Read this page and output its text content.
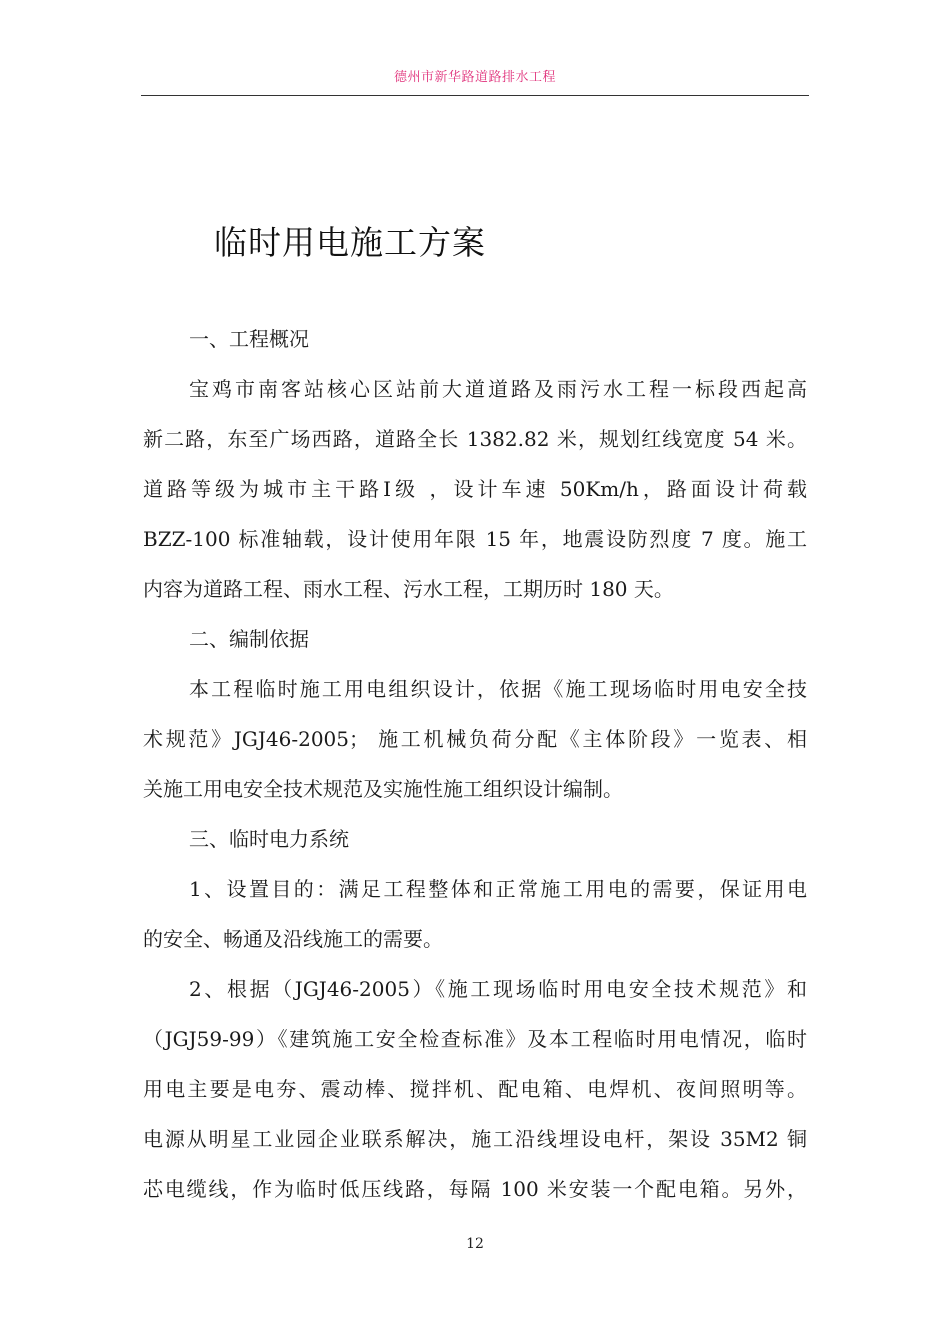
德州市新华路道路排水工程
临时用电施工方案
一、工程概况
宝鸡市南客站核心区站前大道道路及雨污水工程一标段西起高
新二路，东至广场西路，道路全长 1382.82 米，规划红线宽度 54 米。
道路等级为城市主干路Ⅰ级 ，设计车速 50Km/h，路面设计荷载
BZZ-100 标准轴载，设计使用年限 15 年，地震设防烈度 7 度。施工
内容为道路工程、雨水工程、污水工程，工期历时 180 天。
二、编制依据
本工程临时施工用电组织设计，依据《施工现场临时用电安全技
术规范》JGJ46-2005； 施工机械负荷分配《主体阶段》一览表、相
关施工用电安全技术规范及实施性施工组织设计编制。
三、临时电力系统
1、设置目的：满足工程整体和正常施工用电的需要，保证用电
的安全、畅通及沿线施工的需要。
2、根据（JGJ46-2005）《施工现场临时用电安全技术规范》和
（JGJ59-99）《建筑施工安全检查标准》及本工程临时用电情况，临时
用电主要是电夯、震动棒、搅拌机、配电箱、电焊机、夜间照明等。
电源从明星工业园企业联系解决，施工沿线埋设电杆，架设 35M2 铜
芯电缆线，作为临时低压线路，每隔 100 米安装一个配电箱。另外，
12
